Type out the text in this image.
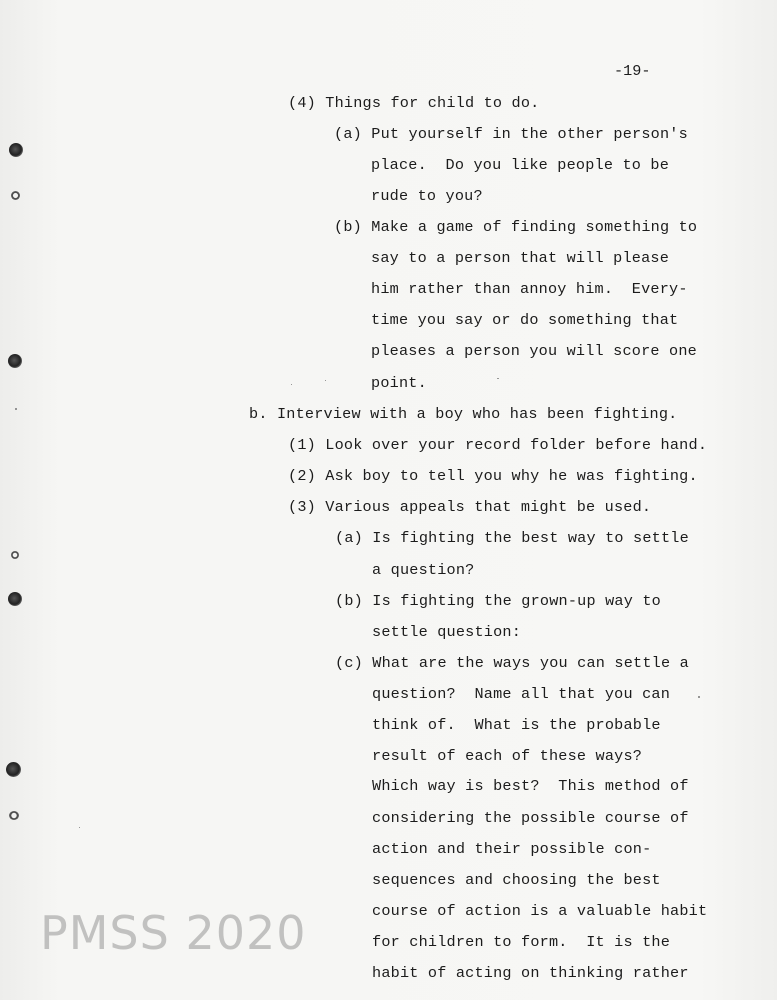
-19-
(4) Things for child to do.
(a) Put yourself in the other person's
place.  Do you like people to be
rude to you?
(b) Make a game of finding something to
say to a person that will please
him rather than annoy him.  Every-
time you say or do something that
pleases a person you will score one
point.
b. Interview with a boy who has been fighting.
(1) Look over your record folder before hand.
(2) Ask boy to tell you why he was fighting.
(3) Various appeals that might be used.
(a) Is fighting the best way to settle
a question?
(b) Is fighting the grown-up way to
settle question:
(c) What are the ways you can settle a
question?  Name all that you can
think of.  What is the probable
result of each of these ways?
Which way is best?  This method of
considering the possible course of
action and their possible con-
sequences and choosing the best
course of action is a valuable habit
for children to form.  It is the
habit of acting on thinking rather
PMSS 2020
